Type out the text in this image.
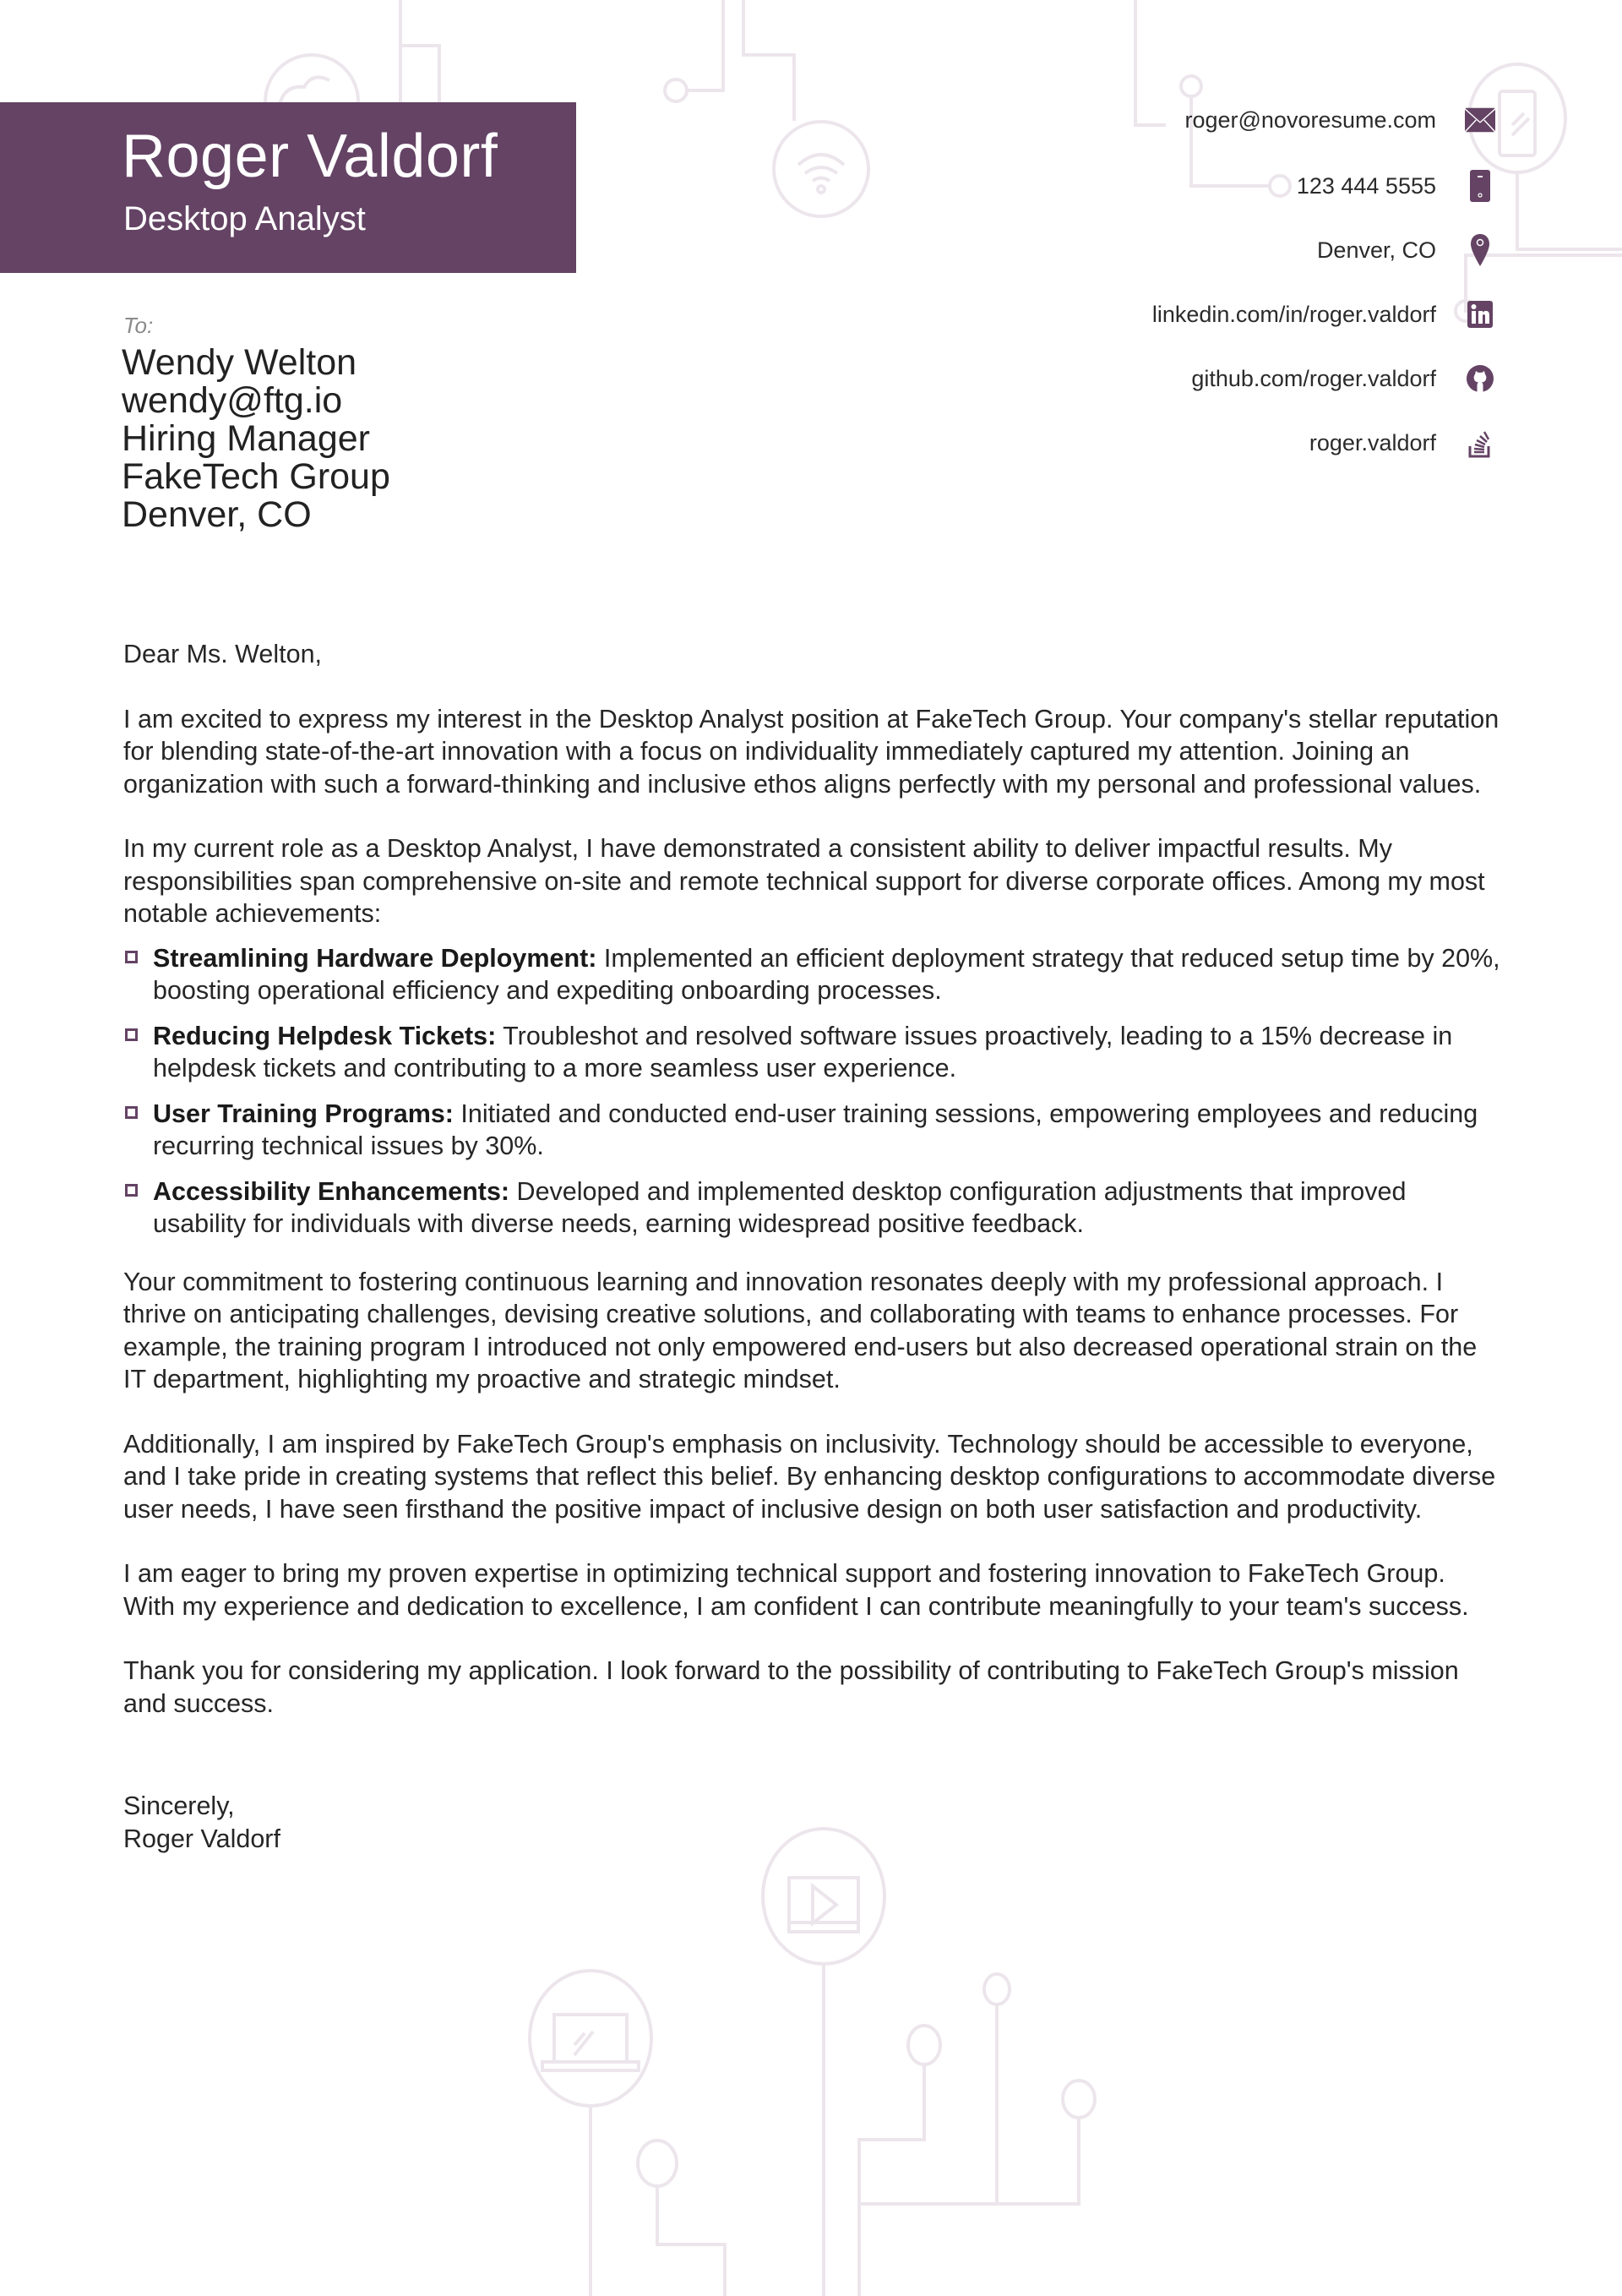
Roger Valdorf
Desktop Analyst
roger@novoresume.com
123 444 5555
Denver, CO
linkedin.com/in/roger.valdorf
github.com/roger.valdorf
roger.valdorf
To:
Wendy Welton
wendy@ftg.io
Hiring Manager
FakeTech Group
Denver, CO

Dear Ms. Welton,

I am excited to express my interest in the Desktop Analyst position at FakeTech Group. Your company's stellar reputation for blending state-of-the-art innovation with a focus on individuality immediately captured my attention. Joining an organization with such a forward-thinking and inclusive ethos aligns perfectly with my personal and professional values.

In my current role as a Desktop Analyst, I have demonstrated a consistent ability to deliver impactful results. My responsibilities span comprehensive on-site and remote technical support for diverse corporate offices. Among my most notable achievements:

Streamlining Hardware Deployment: Implemented an efficient deployment strategy that reduced setup time by 20%, boosting operational efficiency and expediting onboarding processes.
Reducing Helpdesk Tickets: Troubleshot and resolved software issues proactively, leading to a 15% decrease in helpdesk tickets and contributing to a more seamless user experience.
User Training Programs: Initiated and conducted end-user training sessions, empowering employees and reducing recurring technical issues by 30%.
Accessibility Enhancements: Developed and implemented desktop configuration adjustments that improved usability for individuals with diverse needs, earning widespread positive feedback.

Your commitment to fostering continuous learning and innovation resonates deeply with my professional approach. I thrive on anticipating challenges, devising creative solutions, and collaborating with teams to enhance processes. For example, the training program I introduced not only empowered end-users but also decreased operational strain on the IT department, highlighting my proactive and strategic mindset.

Additionally, I am inspired by FakeTech Group's emphasis on inclusivity. Technology should be accessible to everyone, and I take pride in creating systems that reflect this belief. By enhancing desktop configurations to accommodate diverse user needs, I have seen firsthand the positive impact of inclusive design on both user satisfaction and productivity.

I am eager to bring my proven expertise in optimizing technical support and fostering innovation to FakeTech Group. With my experience and dedication to excellence, I am confident I can contribute meaningfully to your team's success.

Thank you for considering my application. I look forward to the possibility of contributing to FakeTech Group's mission and success.

Sincerely,
Roger Valdorf
